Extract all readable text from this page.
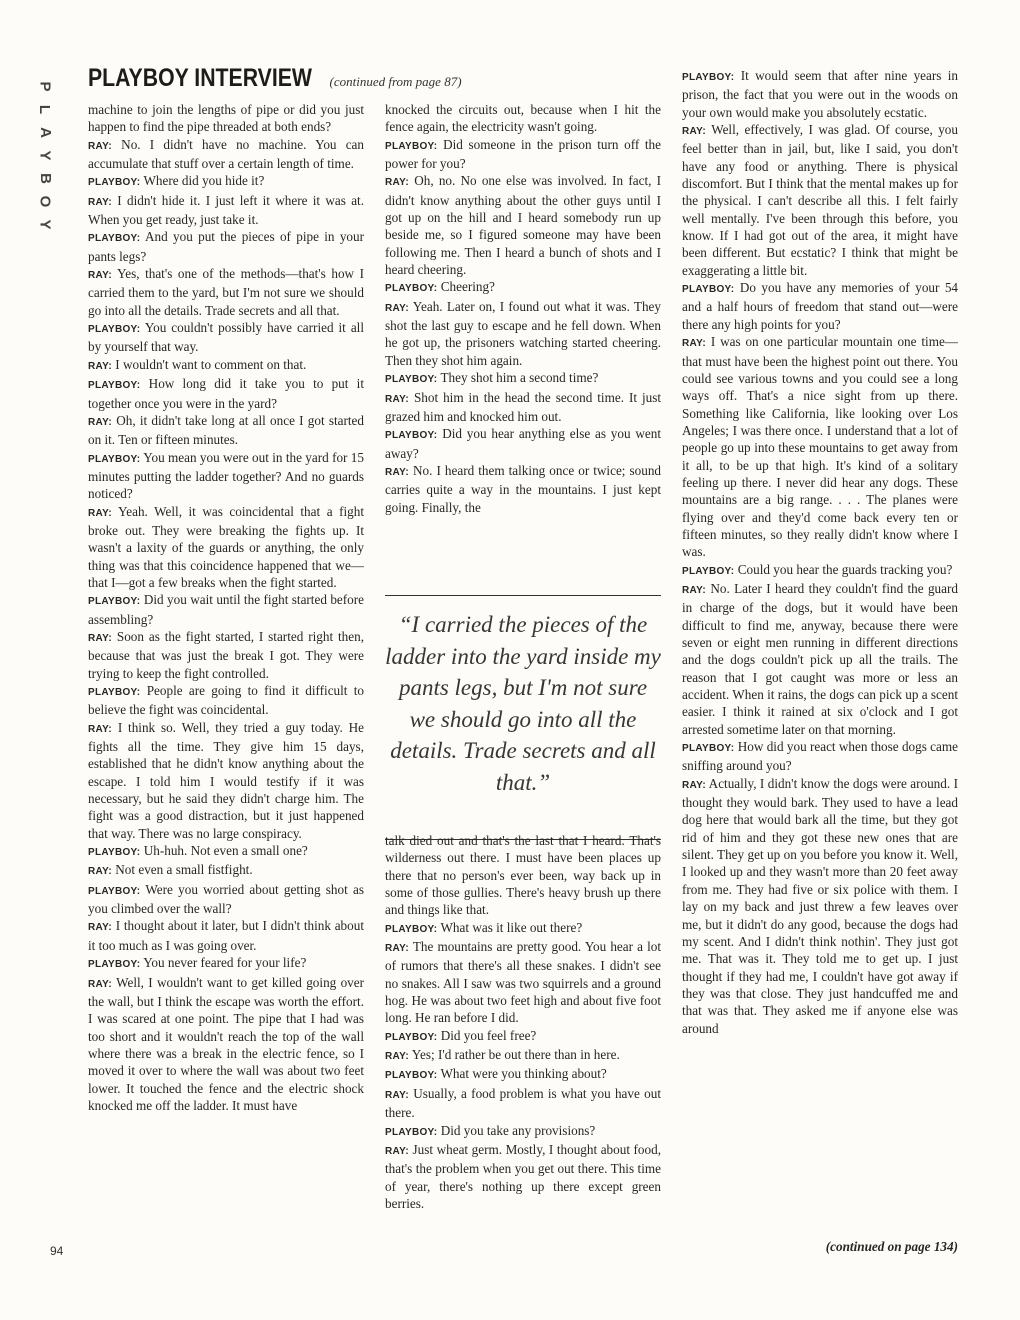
P
L
A
Y
B
O
Y
PLAYBOY INTERVIEW (continued from page 87)

machine to join the lengths of pipe or did you just happen to find the pipe threaded at both ends?

RAY: No. I didn't have no machine. You can accumulate that stuff over a certain length of time.

PLAYBOY: Where did you hide it?

RAY: I didn't hide it. I just left it where it was at. When you get ready, just take it.

PLAYBOY: And you put the pieces of pipe in your pants legs?

RAY: Yes, that's one of the methods—that's how I carried them to the yard, but I'm not sure we should go into all the details. Trade secrets and all that.

PLAYBOY: You couldn't possibly have carried it all by yourself that way.

RAY: I wouldn't want to comment on that.

PLAYBOY: How long did it take you to put it together once you were in the yard?

RAY: Oh, it didn't take long at all once I got started on it. Ten or fifteen minutes.

PLAYBOY: You mean you were out in the yard for 15 minutes putting the ladder together? And no guards noticed?

RAY: Yeah. Well, it was coincidental that a fight broke out. They were breaking the fights up. It wasn't a laxity of the guards or anything, the only thing was that this coincidence happened that we—that I—got a few breaks when the fight started.

PLAYBOY: Did you wait until the fight started before assembling?

RAY: Soon as the fight started, I started right then, because that was just the break I got. They were trying to keep the fight controlled.

PLAYBOY: People are going to find it difficult to believe the fight was coincidental.

RAY: I think so. Well, they tried a guy today. He fights all the time. They give him 15 days, established that he didn't know anything about the escape. I told him I would testify if it was necessary, but he said they didn't charge him. The fight was a good distraction, but it just happened that way. There was no large conspiracy.

PLAYBOY: Uh-huh. Not even a small one?

RAY: Not even a small fistfight.

PLAYBOY: Were you worried about getting shot as you climbed over the wall?

RAY: I thought about it later, but I didn't think about it too much as I was going over.

PLAYBOY: You never feared for your life?

RAY: Well, I wouldn't want to get killed going over the wall, but I think the escape was worth the effort. I was scared at one point. The pipe that I had was too short and it wouldn't reach the top of the wall where there was a break in the electric fence, so I moved it over to where the wall was about two feet lower. It touched the fence and the electric shock knocked me off the ladder. It must have

knocked the circuits out, because when I hit the fence again, the electricity wasn't going.

PLAYBOY: Did someone in the prison turn off the power for you?

RAY: Oh, no. No one else was involved. In fact, I didn't know anything about the other guys until I got up on the hill and I heard somebody run up beside me, so I figured someone may have been following me. Then I heard a bunch of shots and I heard cheering.

PLAYBOY: Cheering?

RAY: Yeah. Later on, I found out what it was. They shot the last guy to escape and he fell down. When he got up, the prisoners watching started cheering. Then they shot him again.

PLAYBOY: They shot him a second time?

RAY: Shot him in the head the second time. It just grazed him and knocked him out.

PLAYBOY: Did you hear anything else as you went away?

RAY: No. I heard them talking once or twice; sound carries quite a way in the mountains. I just kept going. Finally, the

“I carried the pieces of the ladder into the yard inside my pants legs, but I'm not sure we should go into all the details. Trade secrets and all that.”

talk died out and that's the last that I heard. That's wilderness out there. I must have been places up there that no person's ever been, way back up in some of those gullies. There's heavy brush up there and things like that.

PLAYBOY: What was it like out there?

RAY: The mountains are pretty good. You hear a lot of rumors that there's all these snakes. I didn't see no snakes. All I saw was two squirrels and a ground hog. He was about two feet high and about five foot long. He ran before I did.

PLAYBOY: Did you feel free?

RAY: Yes; I'd rather be out there than in here.

PLAYBOY: What were you thinking about?

RAY: Usually, a food problem is what you have out there.

PLAYBOY: Did you take any provisions?

RAY: Just wheat germ. Mostly, I thought about food, that's the problem when you get out there. This time of year, there's nothing up there except green berries.

PLAYBOY: It would seem that after nine years in prison, the fact that you were out in the woods on your own would make you absolutely ecstatic.

RAY: Well, effectively, I was glad. Of course, you feel better than in jail, but, like I said, you don't have any food or anything. There is physical discomfort. But I think that the mental makes up for the physical. I can't describe all this. I felt fairly well mentally. I've been through this before, you know. If I had got out of the area, it might have been different. But ecstatic? I think that might be exaggerating a little bit.

PLAYBOY: Do you have any memories of your 54 and a half hours of freedom that stand out—were there any high points for you?

RAY: I was on one particular mountain one time—that must have been the highest point out there. You could see various towns and you could see a long ways off. That's a nice sight from up there. Something like California, like looking over Los Angeles; I was there once. I understand that a lot of people go up into these mountains to get away from it all, to be up that high. It's kind of a solitary feeling up there. I never did hear any dogs. These mountains are a big range. . . . The planes were flying over and they'd come back every ten or fifteen minutes, so they really didn't know where I was.

PLAYBOY: Could you hear the guards tracking you?

RAY: No. Later I heard they couldn't find the guard in charge of the dogs, but it would have been difficult to find me, anyway, because there were seven or eight men running in different directions and the dogs couldn't pick up all the trails. The reason that I got caught was more or less an accident. When it rains, the dogs can pick up a scent easier. I think it rained at six o'clock and I got arrested sometime later on that morning.

PLAYBOY: How did you react when those dogs came sniffing around you?

RAY: Actually, I didn't know the dogs were around. I thought they would bark. They used to have a lead dog here that would bark all the time, but they got rid of him and they got these new ones that are silent. They get up on you before you know it. Well, I looked up and they wasn't more than 20 feet away from me. They had five or six police with them. I lay on my back and just threw a few leaves over me, but it didn't do any good, because the dogs had my scent. And I didn't think nothin'. They just got me. That was it. They told me to get up. I just thought if they had me, I couldn't have got away if they was that close. They just handcuffed me and that was that. They asked me if anyone else was around

(continued on page 134)

94
